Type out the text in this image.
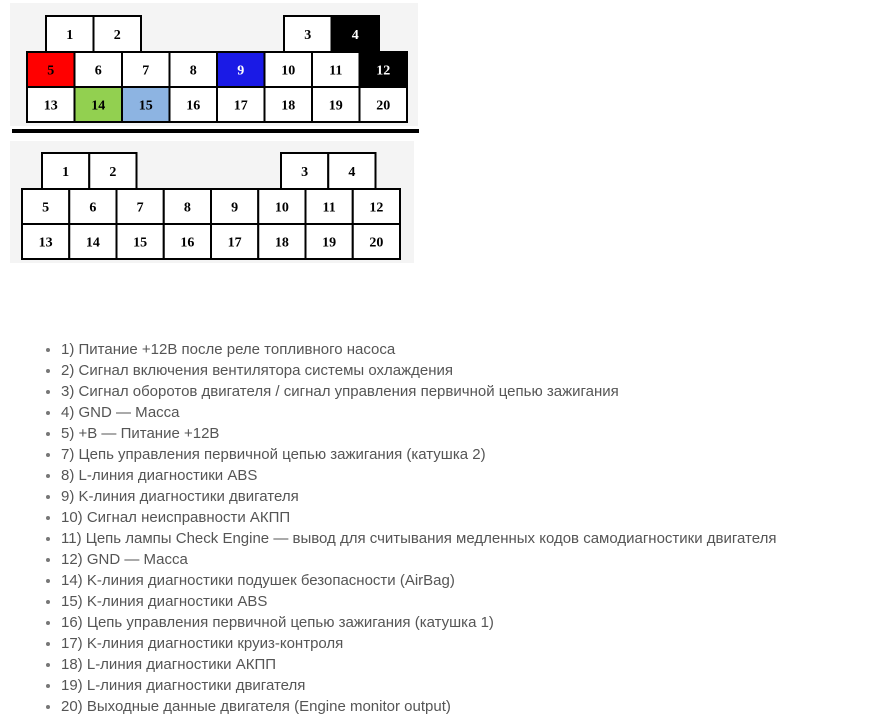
1	2	3	4
5	6	7	8	9	10 11 12
13 14 15 16 17 18 19 20
1	2	3	4
5	6	7	8	9	10 11 12
13 14 15 16 17 18 19 20
• 1) Питание +12В после реле топливного насоса
• 2) Сигнал включения вентилятора системы охлаждения
• 3) Сигнал оборотов двигателя / сигнал управления первичной цепью зажигания
• 4) GND — Масса
• 5) +В — Питание +12В
• 7) Цепь управления первичной цепью зажигания (катушка 2)
• 8) L-линия диагностики ABS
• 9) K-линия диагностики двигателя
• 10) Сигнал неисправности АКПП
• 11) Цепь лампы Check Engine — вывод для считывания медленных кодов самодиагностики двигателя
• 12) GND — Масса
• 14) K-линия диагностики подушек безопасности (AirBag)
• 15) K-линия диагностики ABS
• 16) Цепь управления первичной цепью зажигания (катушка 1)
• 17) K-линия диагностики круиз-контроля
• 18) L-линия диагностики АКПП
• 19) L-линия диагностики двигателя
• 20) Выходные данные двигателя (Engine monitor output)
